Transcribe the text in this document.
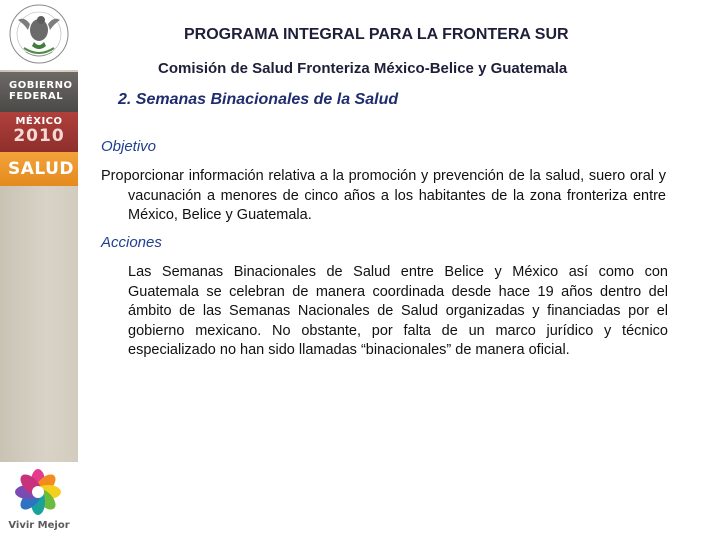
GOBIERNO
FEDERAL
MÉXICO
2010
SALUD
Vivir Mejor
PROGRAMA INTEGRAL PARA LA FRONTERA SUR
Comisión de Salud Fronteriza México-Belice y Guatemala
2. Semanas Binacionales de la Salud
Objetivo
Proporcionar información relativa a la promoción y prevención de la salud, suero oral y vacunación a menores de cinco años a los habitantes de la zona fronteriza entre México, Belice y Guatemala.
Acciones
Las Semanas Binacionales de Salud entre Belice y México así como con Guatemala se celebran de manera coordinada desde hace 19 años dentro del ámbito de las Semanas Nacionales de Salud organizadas y financiadas por el gobierno mexicano. No obstante, por falta de un marco jurídico y técnico especializado no han sido llamadas “binacionales” de manera oficial.
